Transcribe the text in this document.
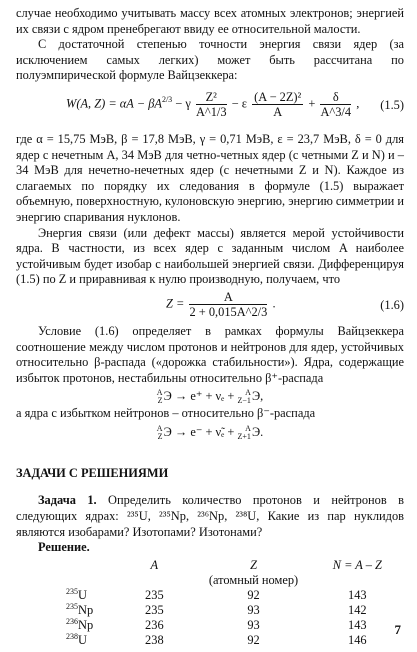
случае необходимо учитывать массу всех атомных электронов; энергией их связи с ядром пренебрегают ввиду ее относительной малости.

С достаточной степенью точности энергия связи ядер (за исключением самых легких) может быть рассчитана по полуэмпирической формуле Вайцзеккера:

W(A, $Z) = \alpha A - \beta A^{2/3} - \gamma \frac{\text{Z²}}{A\^{}1/3} - \varepsilon \frac{\text{(A − 2Z)²}}{A} + \frac{\delta}{A\^{}3/4}$ , (1.5)

где α = 15,75 МэВ, β = 17,8 МэВ, γ = 0,71 МэВ, ε = 23,7 МэВ, δ = 0 для ядер с нечетным A, 34 МэВ для четно-четных ядер (с четными Z и N) и –34 МэВ для нечетно-нечетных ядер (с нечетными Z и N). Каждое из слагаемых по порядку их следования в формуле (1.5) выражает объемную, поверхностную, кулоновскую энергию, энергию симметрии и энергию спаривания нуклонов.

Энергия связи (или дефект массы) является мерой устойчивости ядра. В частности, из всех ядер с заданным числом A наиболее устойчивым будет изобар с наибольшей энергией связи. Дифференцируя (1.5) по Z и приравнивая к нулю производную, получаем, что

$Z = \frac{A}{2 + 0,015A\^{}2/3}$ .	(1.6)

Условие (1.6) определяет в рамках формулы Вайцзеккера соотношение между числом протонов и нейтронов для ядер, устойчивых относительно β-распада («дорожка стабильности»). Ядра, содержащие избыток протонов, нестабильны относительно β⁺-распада

A
ZЭ → e⁺ + νₑ + A
Z−1Э,

а ядра с избытком нейтронов – относительно β⁻-распада

A
ZЭ → e⁻ + ν̃ₑ + A
Z+1Э.

ЗАДАЧИ С РЕШЕНИЯМИ

Задача 1. Определить количество протонов и нейтронов в следующих ядрах: ²³⁵U, ²³⁵Np, ²³⁶Np, ²³⁸U, Какие из пар нуклидов являются изобарами? Изотопами? Изотонами?

Решение.

	A	Z	N = A – Z
		(атомный номер)	
$^{235}$U	235	92	143
$^{235}$Np	235	93	142
$^{236}$Np	236	93	143
$^{238}$U	238	92	146
7
